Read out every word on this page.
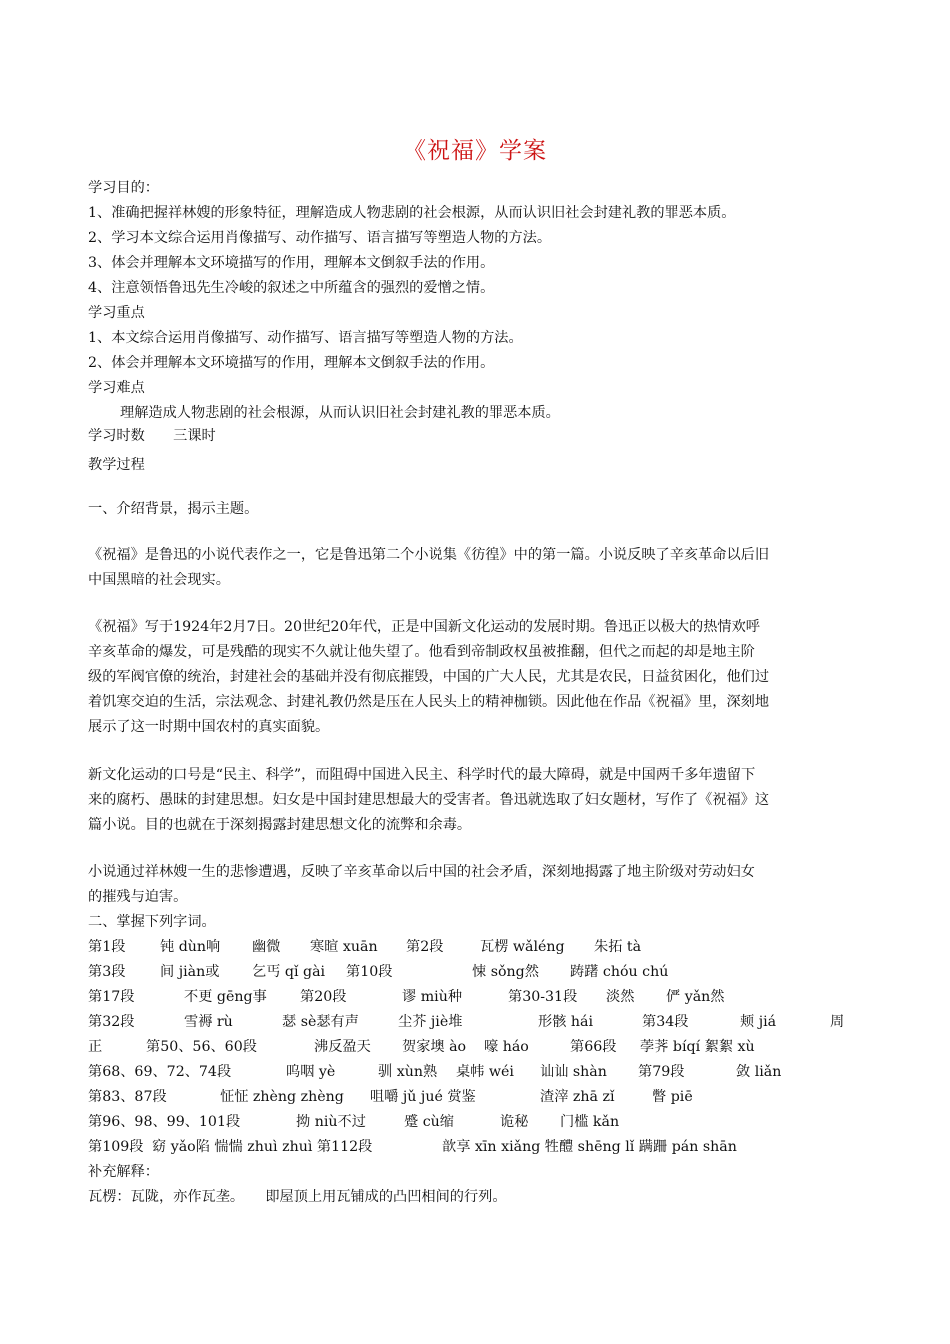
《祝福》学案
学习目的：
1、准确把握祥林嫂的形象特征，理解造成人物悲剧的社会根源，从而认识旧社会封建礼教的罪恶本质。
2、学习本文综合运用肖像描写、动作描写、语言描写等塑造人物的方法。
3、体会并理解本文环境描写的作用，理解本文倒叙手法的作用。
4、注意领悟鲁迅先生冷峻的叙述之中所蕴含的强烈的爱憎之情。
学习重点
1、本文综合运用肖像描写、动作描写、语言描写等塑造人物的方法。
2、体会并理解本文环境描写的作用，理解本文倒叙手法的作用。
学习难点
理解造成人物悲剧的社会根源，从而认识旧社会封建礼教的罪恶本质。
学习时数　　三课时
教学过程
一、介绍背景，揭示主题。
《祝福》是鲁迅的小说代表作之一，它是鲁迅第二个小说集《彷徨》中的第一篇。小说反映了辛亥革命以后旧
中国黑暗的社会现实。
《祝福》写于1924年2月7日。20世纪20年代，正是中国新文化运动的发展时期。鲁迅正以极大的热情欢呼
辛亥革命的爆发，可是残酷的现实不久就让他失望了。他看到帝制政权虽被推翻，但代之而起的却是地主阶
级的军阀官僚的统治，封建社会的基础并没有彻底摧毁，中国的广大人民，尤其是农民，日益贫困化，他们过
着饥寒交迫的生活，宗法观念、封建礼教仍然是压在人民头上的精神枷锁。因此他在作品《祝福》里，深刻地
展示了这一时期中国农村的真实面貌。
新文化运动的口号是“民主、科学”，而阻碍中国进入民主、科学时代的最大障碍，就是中国两千多年遗留下
来的腐朽、愚昧的封建思想。妇女是中国封建思想最大的受害者。鲁迅就选取了妇女题材，写作了《祝福》这
篇小说。目的也就在于深刻揭露封建思想文化的流弊和余毒。
小说通过祥林嫂一生的悲惨遭遇，反映了辛亥革命以后中国的社会矛盾，深刻地揭露了地主阶级对劳动妇女
的摧残与迫害。
二、掌握下列字词。
第1段 钝 dùn响 幽微 寒暄 xuān 第2段	瓦楞 wǎléng 朱拓 tà
第3段 间 jiàn或 乞丐 qǐ gài 第10段	悚 sǒng然 踌躇 chóu chú
第17段	不更 gēng事 第20段	谬 miù种	第30-31段 淡然 俨 yǎn然
第32段	雪褥 rù	瑟 sè瑟有声	尘芥 jiè堆	形骸 hái	第34段	颊 jiá	周
正	第50、56、60段	沸反盈天 贺家墺 ào 嚎 háo	第66段 荸荠 bíqí 絮絮 xù
第68、69、72、74段	呜咽 yè	驯 xùn熟 桌帏 wéi 讪讪 shàn 第79段	敛 liǎn
第83、87段	怔怔 zhèng zhèng 咀嚼 jǔ jué 赏鉴	渣滓 zhā zǐ	瞥 piē
第96、98、99、101段	拗 niù不过	蹙 cù缩	诡秘 门槛 kǎn
第109段 窈 yǎo陷 惴惴 zhuì zhuì 第112段	歆享 xīn xiǎng 牲醴 shēng lǐ 蹒跚 pán shān
补充解释：
瓦楞：瓦陇，亦作瓦垄。　　即屋顶上用瓦铺成的凸凹相间的行列。
